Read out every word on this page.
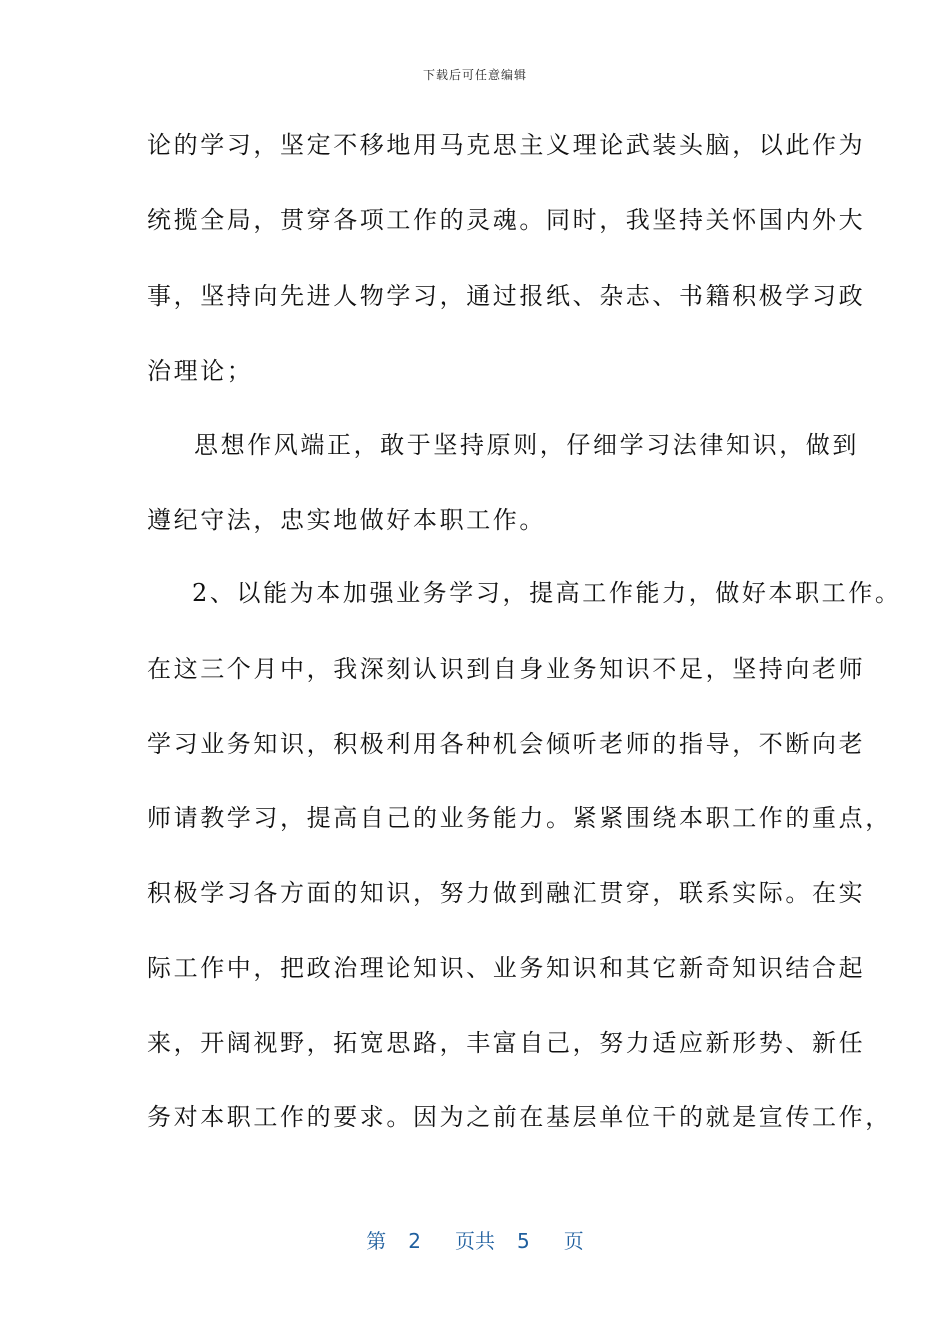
下载后可任意编辑
论的学习，坚定不移地用马克思主义理论武装头脑，以此作为
统揽全局，贯穿各项工作的灵魂。同时，我坚持关怀国内外大
事，坚持向先进人物学习，通过报纸、杂志、书籍积极学习政
治理论；
思想作风端正，敢于坚持原则，仔细学习法律知识，做到
遵纪守法，忠实地做好本职工作。
2、以能为本加强业务学习，提高工作能力，做好本职工作。
在这三个月中，我深刻认识到自身业务知识不足，坚持向老师
学习业务知识，积极利用各种机会倾听老师的指导，不断向老
师请教学习，提高自己的业务能力。紧紧围绕本职工作的重点，
积极学习各方面的知识，努力做到融汇贯穿，联系实际。在实
际工作中，把政治理论知识、业务知识和其它新奇知识结合起
来，开阔视野，拓宽思路，丰富自己，努力适应新形势、新任
务对本职工作的要求。因为之前在基层单位干的就是宣传工作，
第 2 页共 5 页
